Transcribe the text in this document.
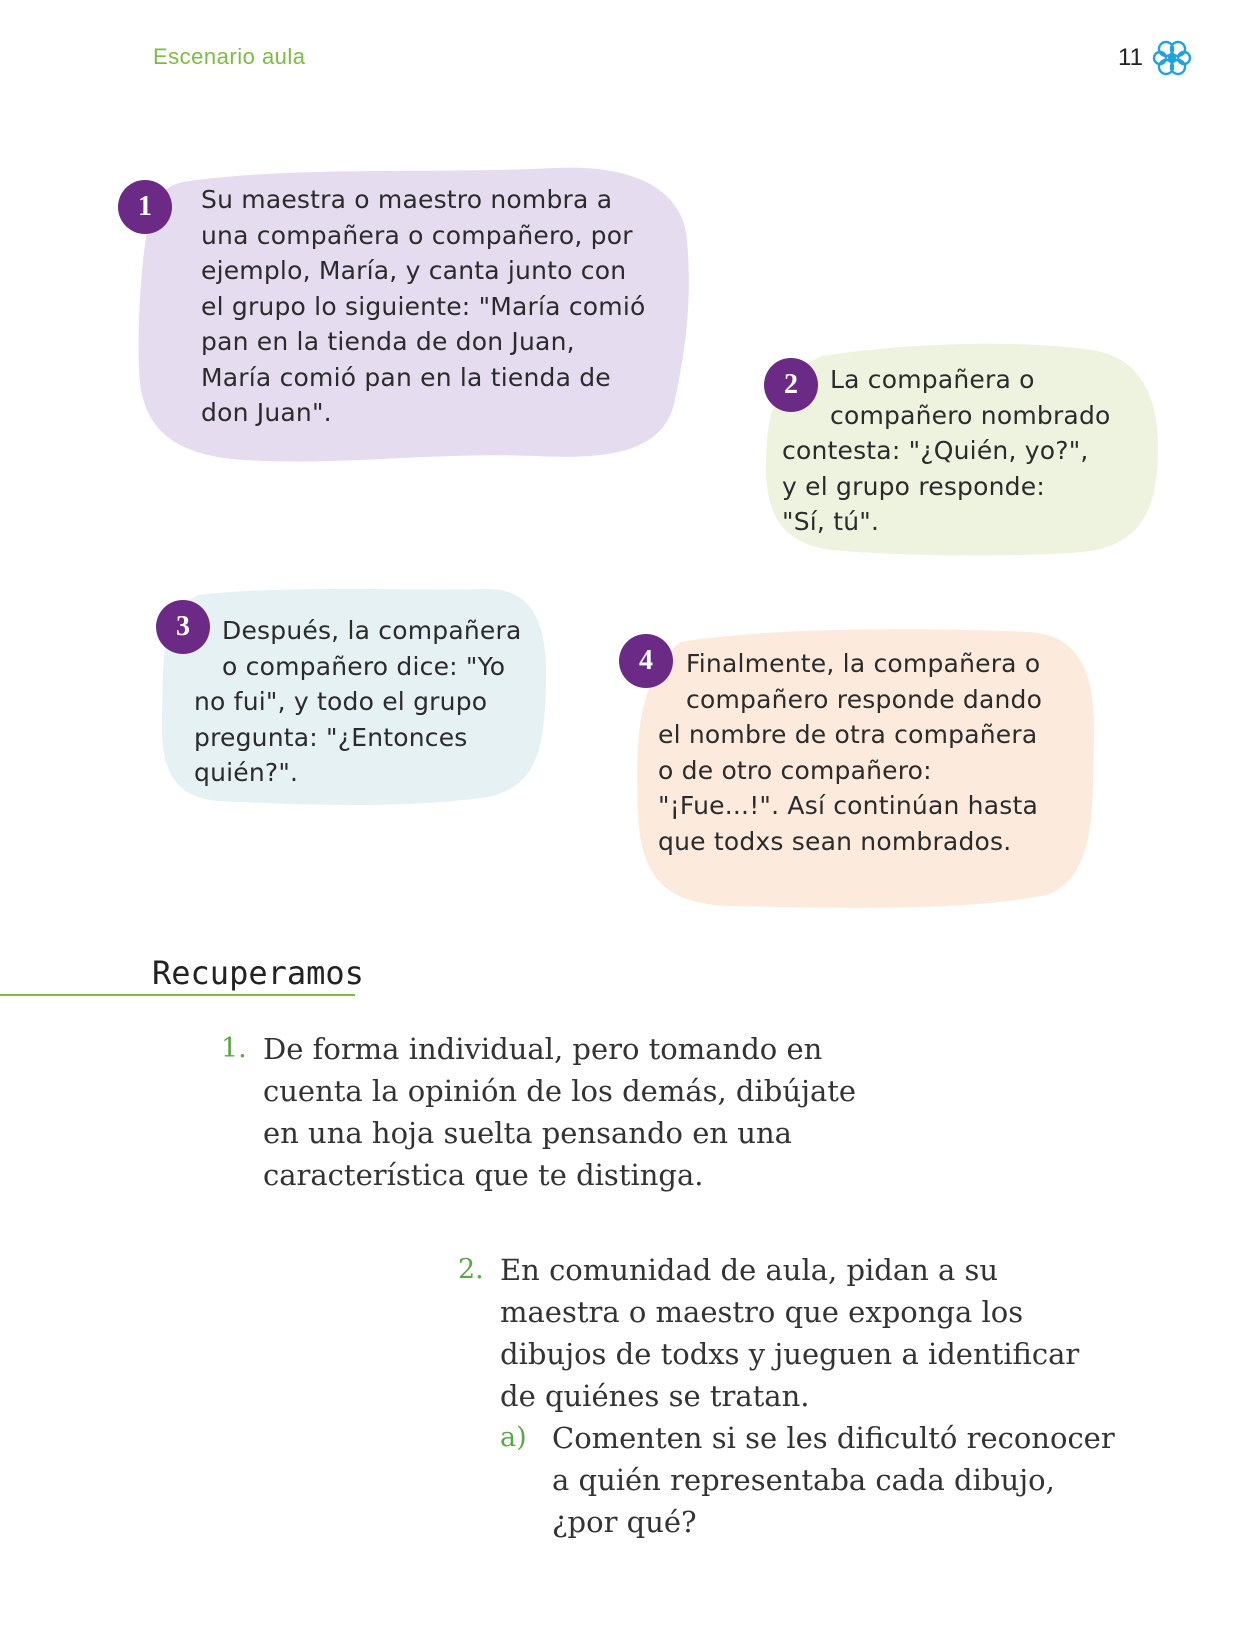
Escenario aula	11
Su maestra o maestro nombra a
una compañera o compañero, por
ejemplo, María, y canta junto con
el grupo lo siguiente: "María comió
pan en la tienda de don Juan,
María comió pan en la tienda de
don Juan".
1
La compañera o
compañero nombrado
contesta: "¿Quién, yo?",
y el grupo responde:
"Sí, tú".
2
Después, la compañera
o compañero dice: "Yo
no fui", y todo el grupo
pregunta: "¿Entonces
quién?".
3
Finalmente, la compañera o
compañero responde dando
el nombre de otra compañera
o de otro compañero:
"¡Fue...!". Así continúan hasta
que todxs sean nombrados.
4
Recuperamos
1. De forma individual, pero tomando en
cuenta la opinión de los demás, dibújate
en una hoja suelta pensando en una
característica que te distinga.
2. En comunidad de aula, pidan a su
maestra o maestro que exponga los
dibujos de todxs y jueguen a identificar
de quiénes se tratan.
a) Comenten si se les dificultó reconocer
a quién representaba cada dibujo,
¿por qué?
